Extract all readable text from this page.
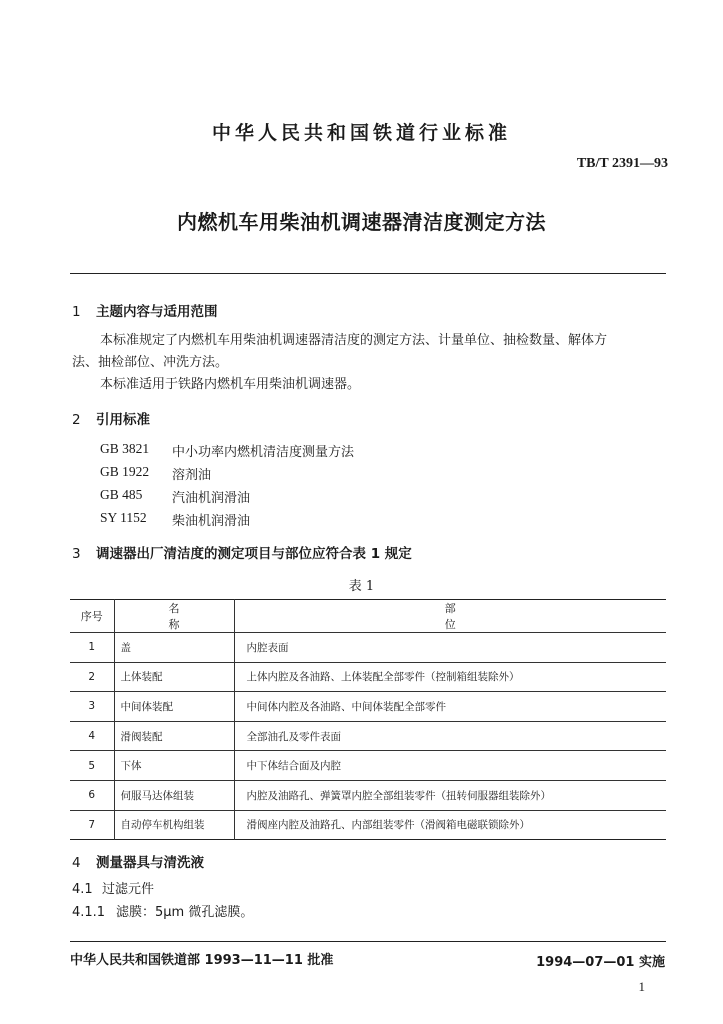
中华人民共和国铁道行业标准
TB/T 2391—93
内燃机车用柴油机调速器清洁度测定方法
1 主题内容与适用范围
本标准规定了内燃机车用柴油机调速器清洁度的测定方法、计量单位、抽检数量、解体方
法、抽检部位、冲洗方法。
本标准适用于铁路内燃机车用柴油机调速器。
2 引用标准
GB 3821	中小功率内燃机清洁度测量方法
GB 1922	溶剂油
GB 485	汽油机润滑油
SY 1152	柴油机润滑油
3 调速器出厂清洁度的测定项目与部位应符合表 1 规定
表 1
序号	名称	部位
1	盖	内腔表面
2	上体装配	上体内腔及各油路、上体装配全部零件（控制箱组装除外）
3	中间体装配	中间体内腔及各油路、中间体装配全部零件
4	滑阀装配	全部油孔及零件表面
5	下体	中下体结合面及内腔
6	伺服马达体组装	内腔及油路孔、弹簧罩内腔全部组装零件（扭转伺服器组装除外）
7	自动停车机构组装	滑阀座内腔及油路孔、内部组装零件（滑阀箱电磁联锁除外）
4 测量器具与清洗液
4.1 过滤元件
4.1.1 滤膜：5μm 微孔滤膜。
中华人民共和国铁道部 1993—11—11 批准	1994—07—01 实施
1
